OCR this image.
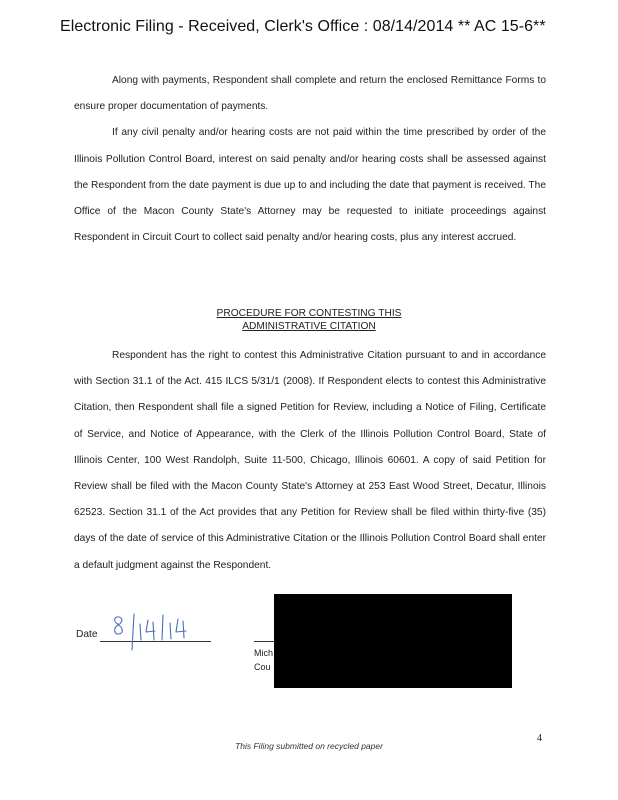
Electronic Filing - Received, Clerk's Office : 08/14/2014 ** AC 15-6**

Along with payments, Respondent shall complete and return the enclosed Remittance Forms to ensure proper documentation of payments.

If any civil penalty and/or hearing costs are not paid within the time prescribed by order of the Illinois Pollution Control Board, interest on said penalty and/or hearing costs shall be assessed against the Respondent from the date payment is due up to and including the date that payment is received. The Office of the Macon County State's Attorney may be requested to initiate proceedings against Respondent in Circuit Court to collect said penalty and/or hearing costs, plus any interest accrued.

PROCEDURE FOR CONTESTING THIS
ADMINISTRATIVE CITATION

Respondent has the right to contest this Administrative Citation pursuant to and in accordance with Section 31.1 of the Act. 415 ILCS 5/31/1 (2008). If Respondent elects to contest this Administrative Citation, then Respondent shall file a signed Petition for Review, including a Notice of Filing, Certificate of Service, and Notice of Appearance, with the Clerk of the Illinois Pollution Control Board, State of Illinois Center, 100 West Randolph, Suite 11-500, Chicago, Illinois 60601. A copy of said Petition for Review shall be filed with the Macon County State's Attorney at 253 East Wood Street, Decatur, Illinois 62523. Section 31.1 of the Act provides that any Petition for Review shall be filed within thirty-five (35) days of the date of service of this Administrative Citation or the Illinois Pollution Control Board shall enter a default judgment against the Respondent.

Date
8/14/14
Mich
Cou
4
This Filing submitted on recycled paper
